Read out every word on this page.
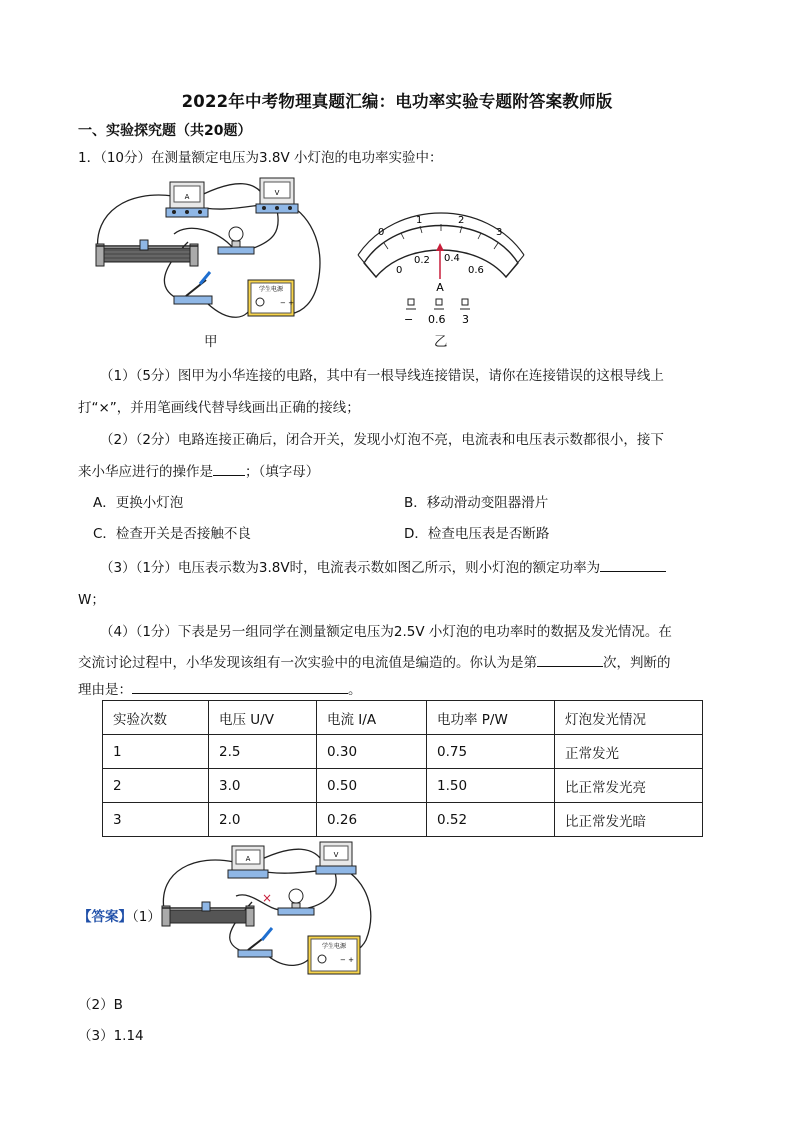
2022年中考物理真题汇编：电功率实验专题附答案教师版
一、实验探究题（共20题）
1．（10分）在测量额定电压为3.8V 小灯泡的电功率实验中：
A	V
学生电源
− +
甲
0
1	2
3
0
0.2 0.4
0.6
A
− 0.6 3
乙
（1）（5分）图甲为小华连接的电路，其中有一根导线连接错误，请你在连接错误的这根导线上
打“×”，并用笔画线代替导线画出正确的接线；
（2）（2分）电路连接正确后，闭合开关，发现小灯泡不亮，电流表和电压表示数都很小，接下
来小华应进行的操作是 ；（填字母）
A．更换小灯泡	B．移动滑动变阻器滑片
C．检查开关是否接触不良	D．检查电压表是否断路
（3）（1分）电压表示数为3.8V时，电流表示数如图乙所示，则小灯泡的额定功率为
W；
（4）（1分）下表是另一组同学在测量额定电压为2.5V 小灯泡的电功率时的数据及发光情况。在
交流讨论过程中，小华发现该组有一次实验中的电流值是编造的。你认为是第	次，判断的
理由是：	。
实验次数	电压 U/V	电流 I/A	电功率 P/W	灯泡发光情况
1	2.5	0.30	0.75	正常发光
2	3.0	0.50	1.50	比正常发光亮
3	2.0	0.26	0.52	比正常发光暗
【答案】（1）
×
A	V
学生电源
− +
（2）B
（3）1.14
